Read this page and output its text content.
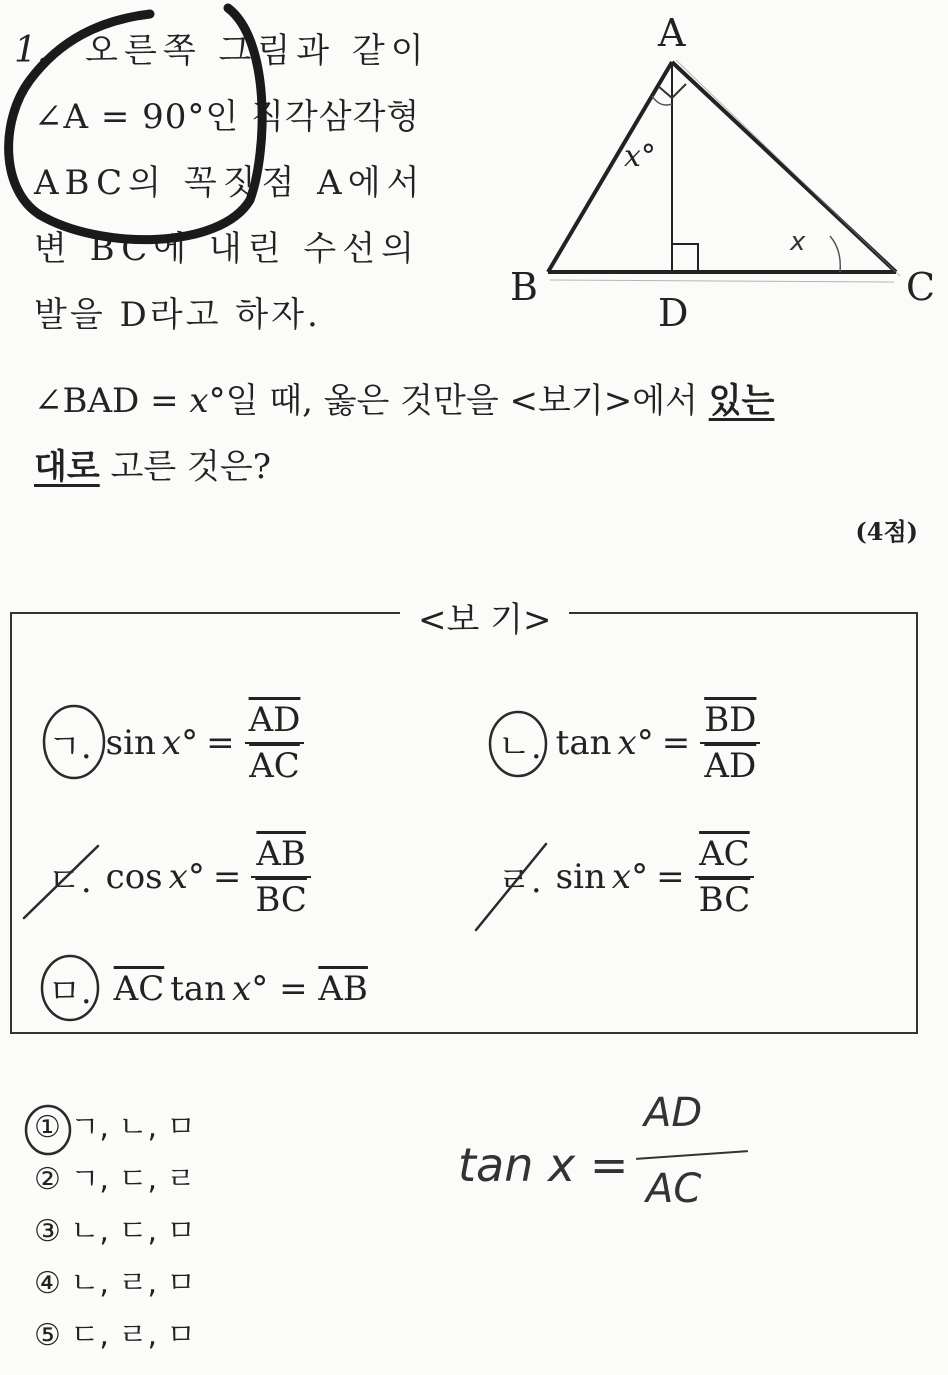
1. 오른쪽 그림과 같이
∠A = 90°인 직각삼각형
ABC의 꼭짓점 A에서
변 BC에 내린 수선의
발을 D라고 하자.
∠BAD = x°일 때, 옳은 것만을 <보기>에서 있는
대로 고른 것은?
(4점)
A
B	C
D
x°
x
<보 기>
ㄱ. sin x ° = $\frac{\overline{AD}}{AC}$	ㄴ. tan x ° = $\frac{\overline{BD}}{AD}$
ㄷ. cos x ° = $\frac{\overline{AB}}{BC}$	ㄹ. sin x ° = $\frac{\overline{AC}}{BC}$
ㅁ. $\overline{AC}$ tan x ° = $\overline{AB}$
① ㄱ, ㄴ, ㅁ
② ㄱ, ㄷ, ㄹ
③ ㄴ, ㄷ, ㅁ
④ ㄴ, ㄹ, ㅁ
⑤ ㄷ, ㄹ, ㅁ
tan x =
AD
AC
